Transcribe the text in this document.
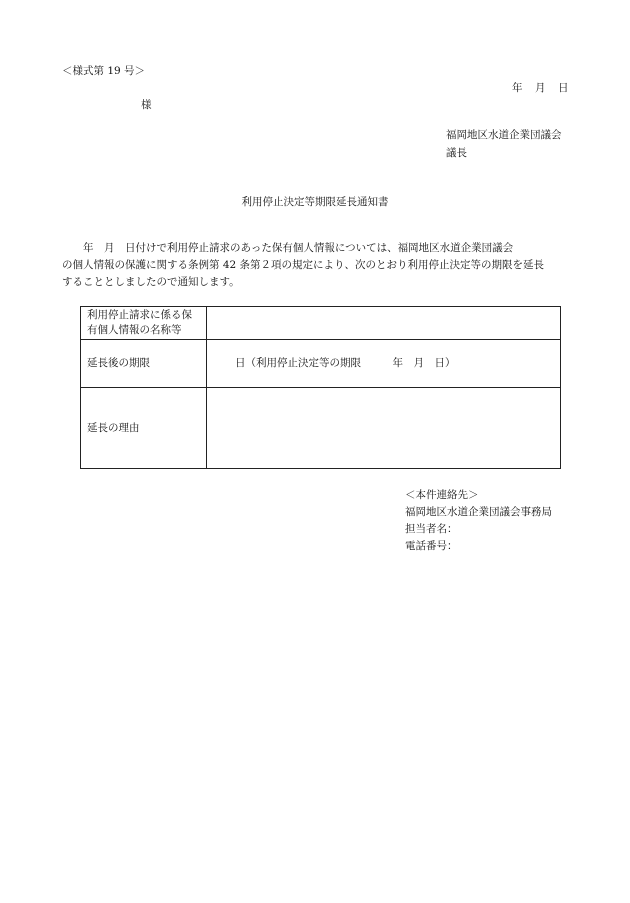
＜様式第 19 号＞
年　月　日
様
福岡地区水道企業団議会
議長
利用停止決定等期限延長通知書
　　年　月　日付けで利用停止請求のあった保有個人情報については、福岡地区水道企業団議会
の個人情報の保護に関する条例第 42 条第２項の規定により、次のとおり利用停止決定等の期限を延長
することとしましたので通知します。
利用停止請求に係る保
有個人情報の名称等	

延長後の期限	日（利用停止決定等の期限　　　年　月　日）
延長の理由	
＜本件連絡先＞
福岡地区水道企業団議会事務局
担当者名：
電話番号：
